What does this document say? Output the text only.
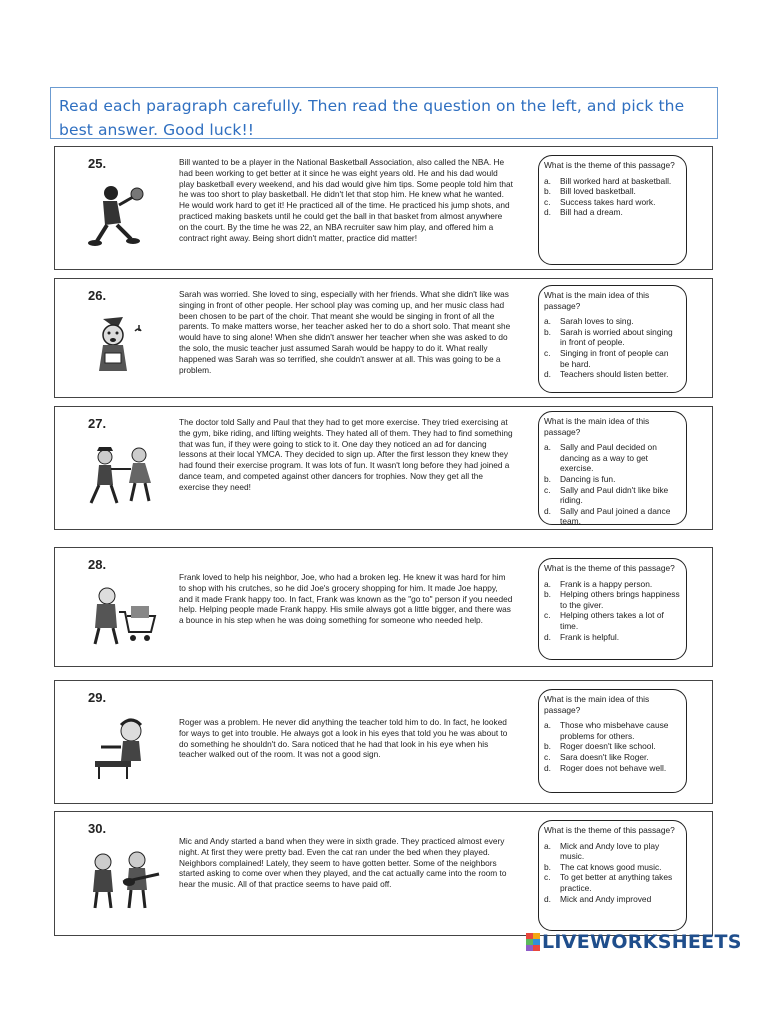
Read each paragraph carefully. Then read the question on the left, and pick the best answer. Good luck!!
25.	Bill wanted to be a player in the National Basketball Association, also called the NBA. He had been working to get better at it since he was eight years old. He and his dad would play basketball every weekend, and his dad would give him tips. Some people told him that he was too short to play basketball. He didn't let that stop him. He knew what he wanted. He would work hard to get it! He practiced all of the time. He practiced his jump shots, and practiced making baskets until he could get the ball in that basket from almost anywhere on the court. By the time he was 22, an NBA recruiter saw him play, and offered him a contract right away. Being short didn't matter, practice did matter!
What is the theme of this passage?
a.	Bill worked hard at basketball.
b.	Bill loved basketball.
c.	Success takes hard work.
d.	Bill had a dream.
26.	Sarah was worried. She loved to sing, especially with her friends. What she didn't like was singing in front of other people. Her school play was coming up, and her music class had been chosen to be part of the choir. That meant she would be singing in front of all the parents. To make matters worse, her teacher asked her to do a short solo. That meant she would have to sing alone! When she didn't answer her teacher when she was asked to do the solo, the music teacher just assumed Sarah would be happy to do it. What really happened was Sarah was so terrified, she couldn't answer at all. This was going to be a problem.
What is the main idea of this passage?
a.	Sarah loves to sing.
b.	Sarah is worried about singing in front of people.
c.	Singing in front of people can be hard.
d.	Teachers should listen better.
27.	The doctor told Sally and Paul that they had to get more exercise. They tried exercising at the gym, bike riding, and lifting weights. They hated all of them. They had to find something that was fun, if they were going to stick to it. One day they noticed an ad for dancing lessons at their local YMCA. They decided to sign up. After the first lesson they knew they had found their exercise program. It was lots of fun. It wasn't long before they had joined a dance team, and competed against other dancers for trophies. Now they get all the exercise they need!
What is the main idea of this passage?
a.	Sally and Paul decided on dancing as a way to get exercise.
b.	Dancing is fun.
c.	Sally and Paul didn't like bike riding.
d.	Sally and Paul joined a dance team.
28.
Frank loved to help his neighbor, Joe, who had a broken leg. He knew it was hard for him to shop with his crutches, so he did Joe's grocery shopping for him. It made Joe happy, and it made Frank happy too. In fact, Frank was known as the "go to" person if you needed help. Helping people made Frank happy. His smile always got a little bigger, and there was a bounce in his step when he was doing something for someone who needed help.
What is the theme of this passage?
a.	Frank is a happy person.
b.	Helping others brings happiness to the giver.
c.	Helping others takes a lot of time.
d.	Frank is helpful.
29.
Roger was a problem. He never did anything the teacher told him to do. In fact, he looked for ways to get into trouble. He always got a look in his eyes that told you he was about to do something he shouldn't do. Sara noticed that he had that look in his eye when his teacher walked out of the room. It was not a good sign.
What is the main idea of this passage?
a.	Those who misbehave cause problems for others.
b.	Roger doesn't like school.
c.	Sara doesn't like Roger.
d.	Roger does not behave well.
30.
Mic and Andy started a band when they were in sixth grade. They practiced almost every night. At first they were pretty bad. Even the cat ran under the bed when they played. Neighbors complained! Lately, they seem to have gotten better. Some of the neighbors started asking to come over when they played, and the cat actually came into the room to hear the music. All of that practice seems to have paid off.
What is the theme of this passage?
a.	Mick and Andy love to play music.
b.	The cat knows good music.
c.	To get better at anything takes practice.
d.	Mick and Andy improved
LIVEWORKSHEETS
